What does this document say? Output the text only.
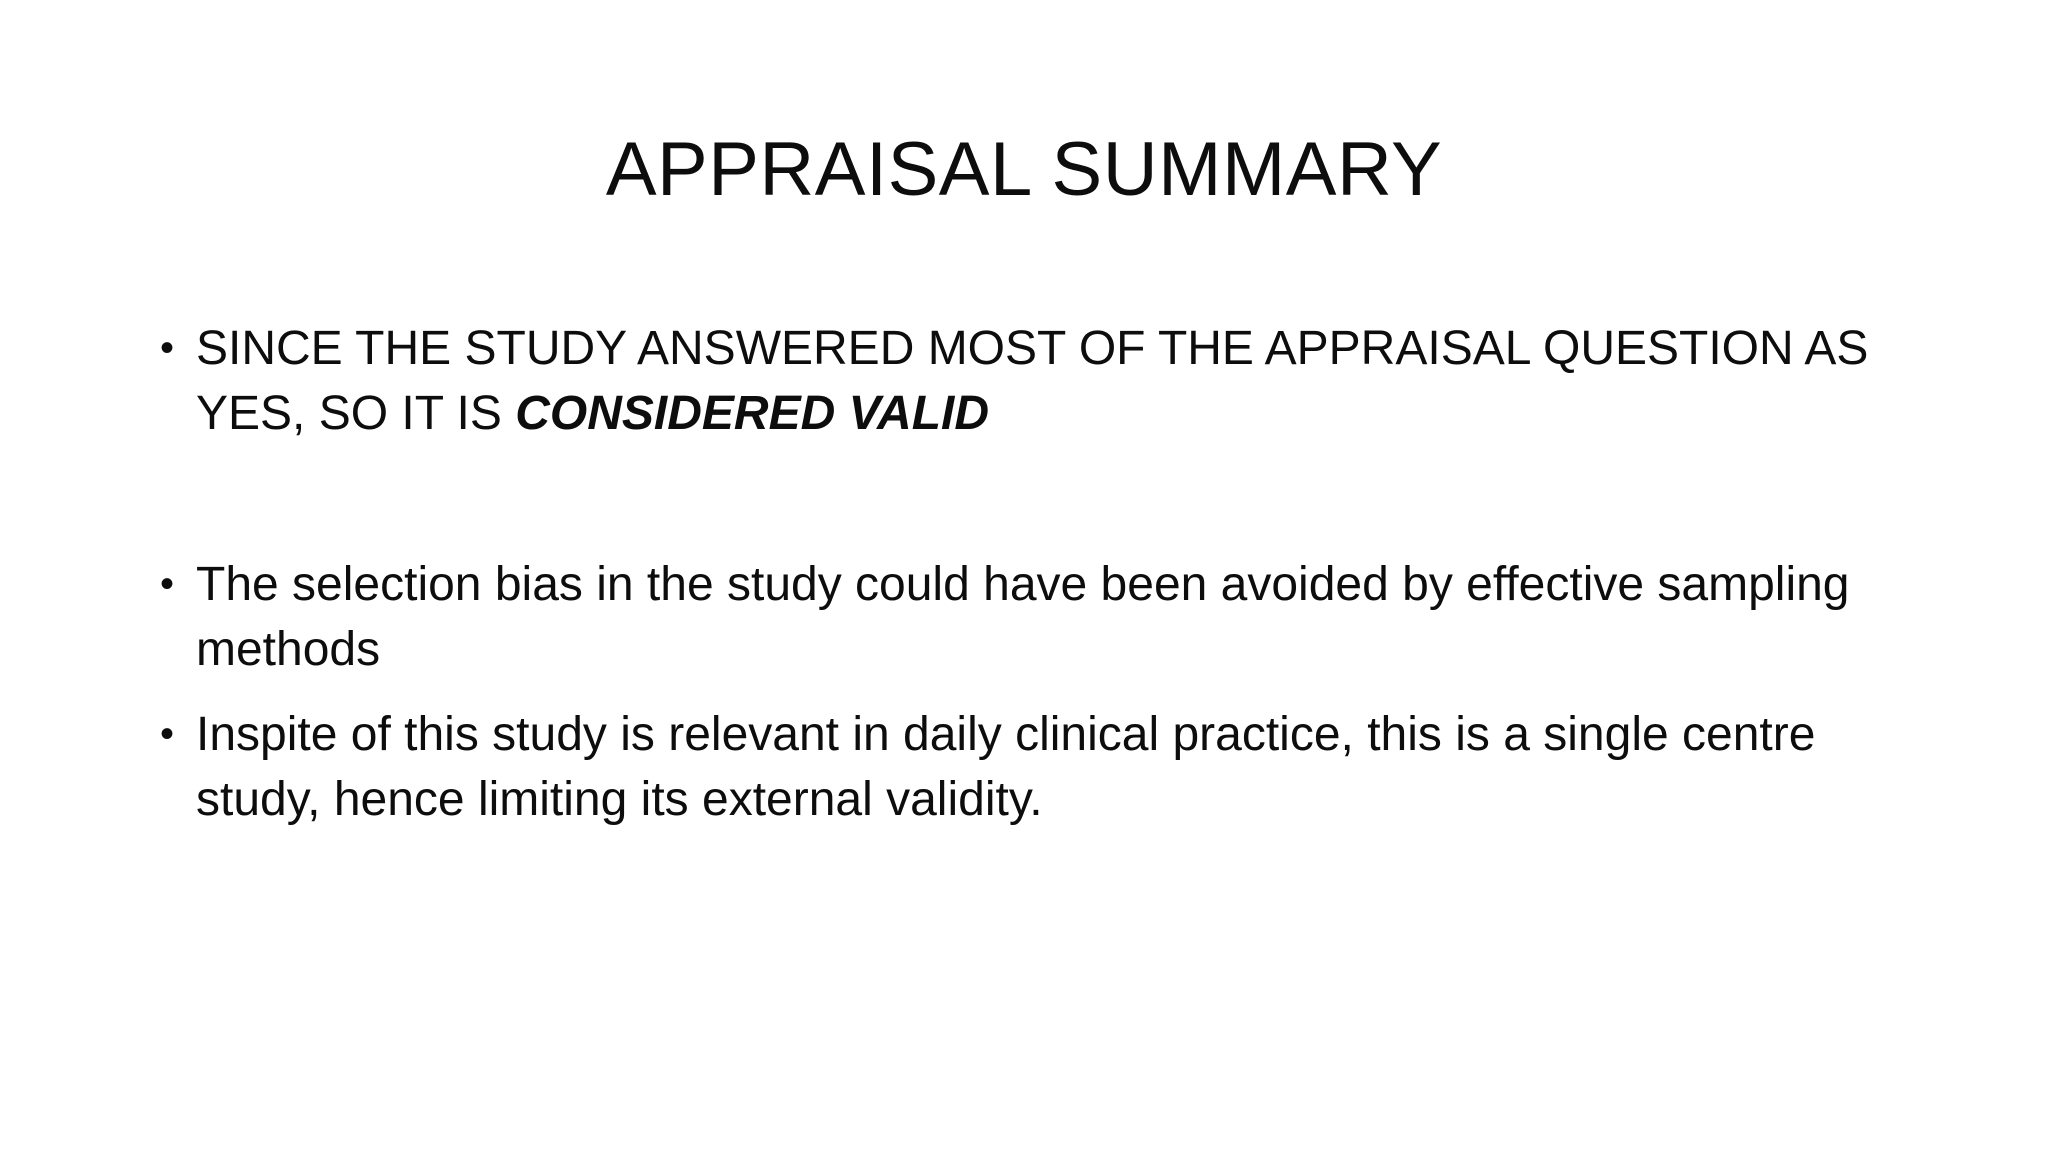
APPRAISAL SUMMARY
• SINCE THE STUDY ANSWERED MOST OF THE APPRAISAL QUESTION AS YES, SO IT IS CONSIDERED VALID
• The selection bias in the study could have been avoided by effective sampling methods
• Inspite of this study is relevant in daily clinical practice, this is a single centre study, hence limiting its external validity.
